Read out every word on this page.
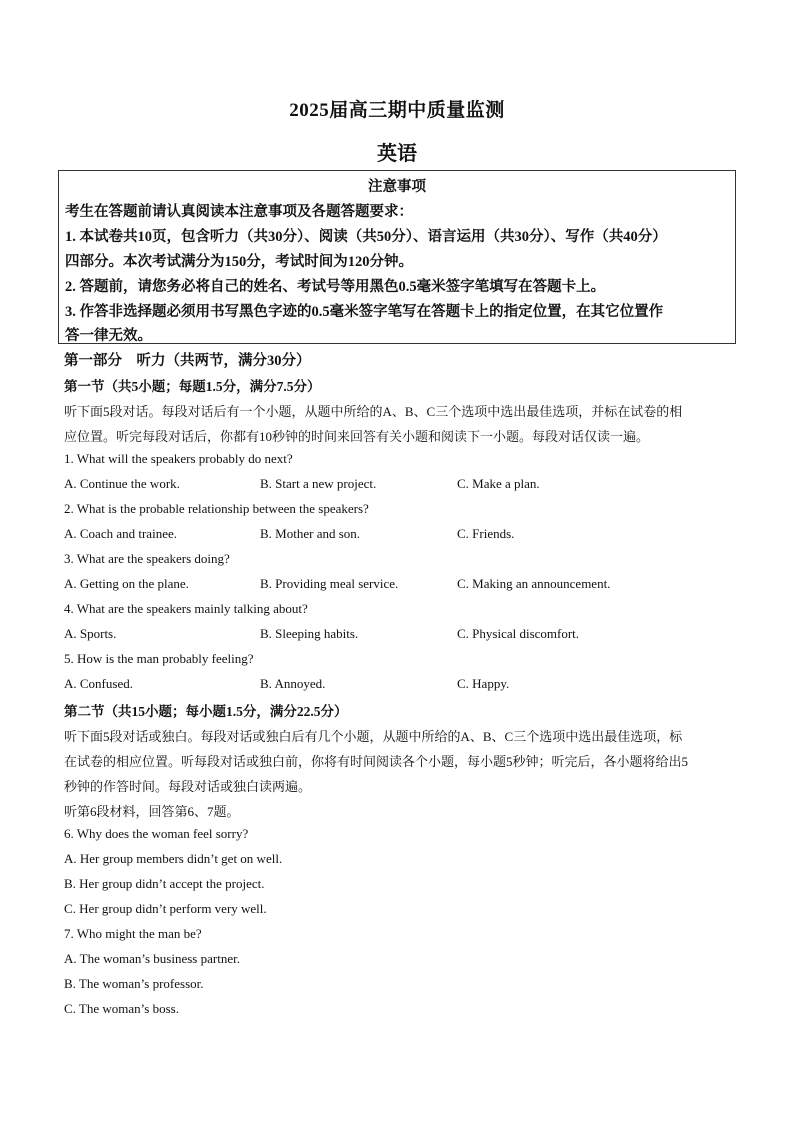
2025届高三期中质量监测
英语
注意事项
考生在答题前请认真阅读本注意事项及各题答题要求：
1. 本试卷共10页，包含听力（共30分）、阅读（共50分）、语言运用（共30分）、写作（共40分）
四部分。本次考试满分为150分，考试时间为120分钟。
2. 答题前，请您务必将自己的姓名、考试号等用黑色0.5毫米签字笔填写在答题卡上。
3. 作答非选择题必须用书写黑色字迹的0.5毫米签字笔写在答题卡上的指定位置，在其它位置作
答一律无效。
第一部分　听力（共两节，满分30分）
第一节（共5小题；每题1.5分，满分7.5分）
听下面5段对话。每段对话后有一个小题，从题中所给的A、B、C三个选项中选出最佳选项，并标在试卷的相
应位置。听完每段对话后，你都有10秒钟的时间来回答有关小题和阅读下一小题。每段对话仅读一遍。
1. What will the speakers probably do next?
A. Continue the work.	B. Start a new project.	C. Make a plan.
2. What is the probable relationship between the speakers?
A. Coach and trainee.	B. Mother and son.	C. Friends.
3. What are the speakers doing?
A. Getting on the plane.	B. Providing meal service.	C. Making an announcement.
4. What are the speakers mainly talking about?
A. Sports.	B. Sleeping habits.	C. Physical discomfort.
5. How is the man probably feeling?
A. Confused.	B. Annoyed.	C. Happy.
第二节（共15小题；每小题1.5分，满分22.5分）
听下面5段对话或独白。每段对话或独白后有几个小题，从题中所给的A、B、C三个选项中选出最佳选项，标
在试卷的相应位置。听每段对话或独白前，你将有时间阅读各个小题，每小题5秒钟；听完后，各小题将给出5
秒钟的作答时间。每段对话或独白读两遍。
听第6段材料，回答第6、7题。
6. Why does the woman feel sorry?
A. Her group members didn’t get on well.
B. Her group didn’t accept the project.
C. Her group didn’t perform very well.
7. Who might the man be?
A. The woman’s business partner.
B. The woman’s professor.
C. The woman’s boss.
